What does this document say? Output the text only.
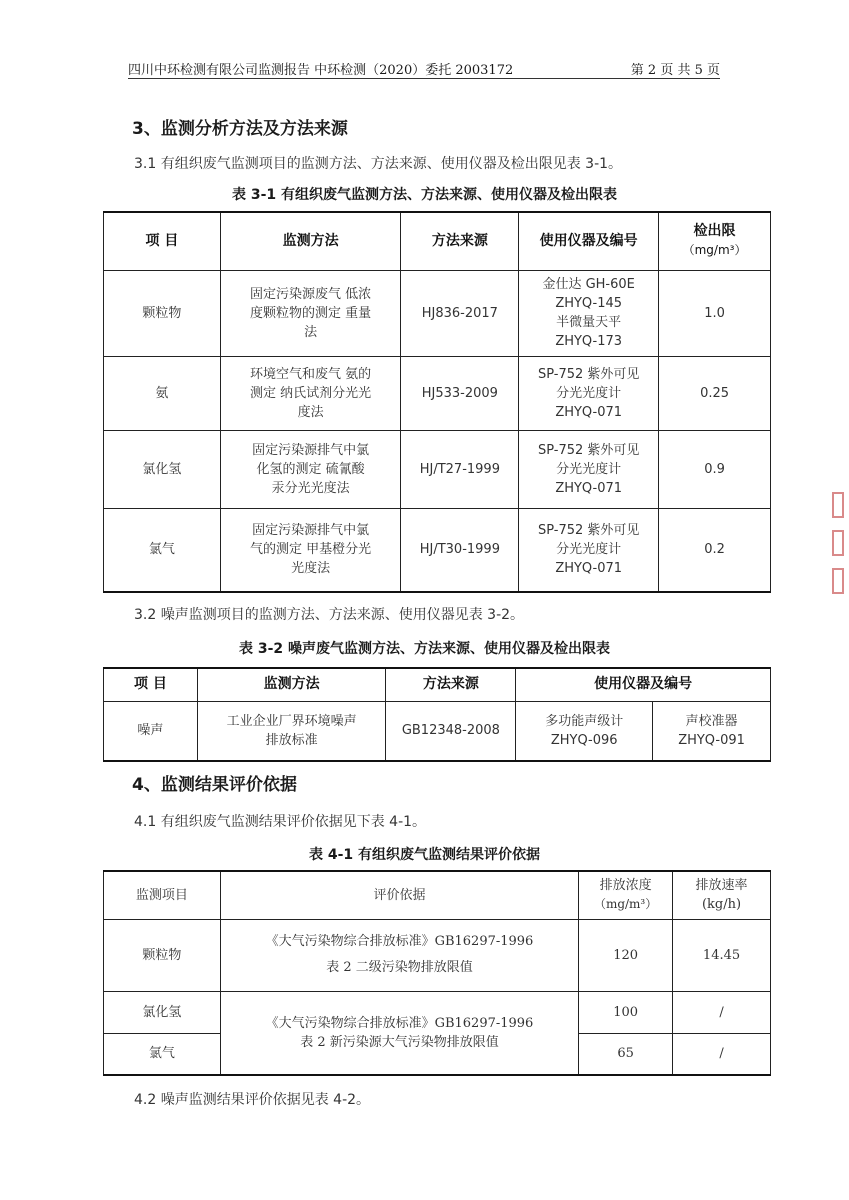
四川中环检测有限公司监测报告 中环检测（2020）委托 2003172	第 2 页 共 5 页
3、监测分析方法及方法来源
3.1 有组织废气监测项目的监测方法、方法来源、使用仪器及检出限见表 3-1。
表 3-1 有组织废气监测方法、方法来源、使用仪器及检出限表
项 目	监测方法	方法来源	使用仪器及编号	检出限
（mg/m³）

颗粒物	固定污染源废气 低浓
度颗粒物的测定 重量
法	HJ836-2017	金仕达 GH-60E
ZHYQ-145
半微量天平
ZHYQ-173	1.0
氨	环境空气和废气 氨的
测定 纳氏试剂分光光
度法	HJ533-2009	SP-752 紫外可见
分光光度计
ZHYQ-071	0.25
氯化氢	固定污染源排气中氯
化氢的测定 硫氰酸
汞分光光度法	HJ/T27-1999	SP-752 紫外可见
分光光度计
ZHYQ-071	0.9
氯气	固定污染源排气中氯
气的测定 甲基橙分光
光度法	HJ/T30-1999	SP-752 紫外可见
分光光度计
ZHYQ-071	0.2
3.2 噪声监测项目的监测方法、方法来源、使用仪器见表 3-2。
表 3-2 噪声废气监测方法、方法来源、使用仪器及检出限表
项 目	监测方法	方法来源	使用仪器及编号	
噪声	工业企业厂界环境噪声
排放标准	GB12348-2008	多功能声级计
ZHYQ-096	声校准器
ZHYQ-091
4、监测结果评价依据
4.1 有组织废气监测结果评价依据见下表 4-1。
表 4-1 有组织废气监测结果评价依据
监测项目	评价依据	排放浓度
（mg/m³）	排放速率
(kg/h)

颗粒物	《大气污染物综合排放标准》GB16297-1996
表 2 二级污染物排放限值	120	14.45
氯化氢	《大气污染物综合排放标准》GB16297-1996
表 2 新污染源大气污染物排放限值	100	/
氯气		65	/
4.2 噪声监测结果评价依据见表 4-2。
